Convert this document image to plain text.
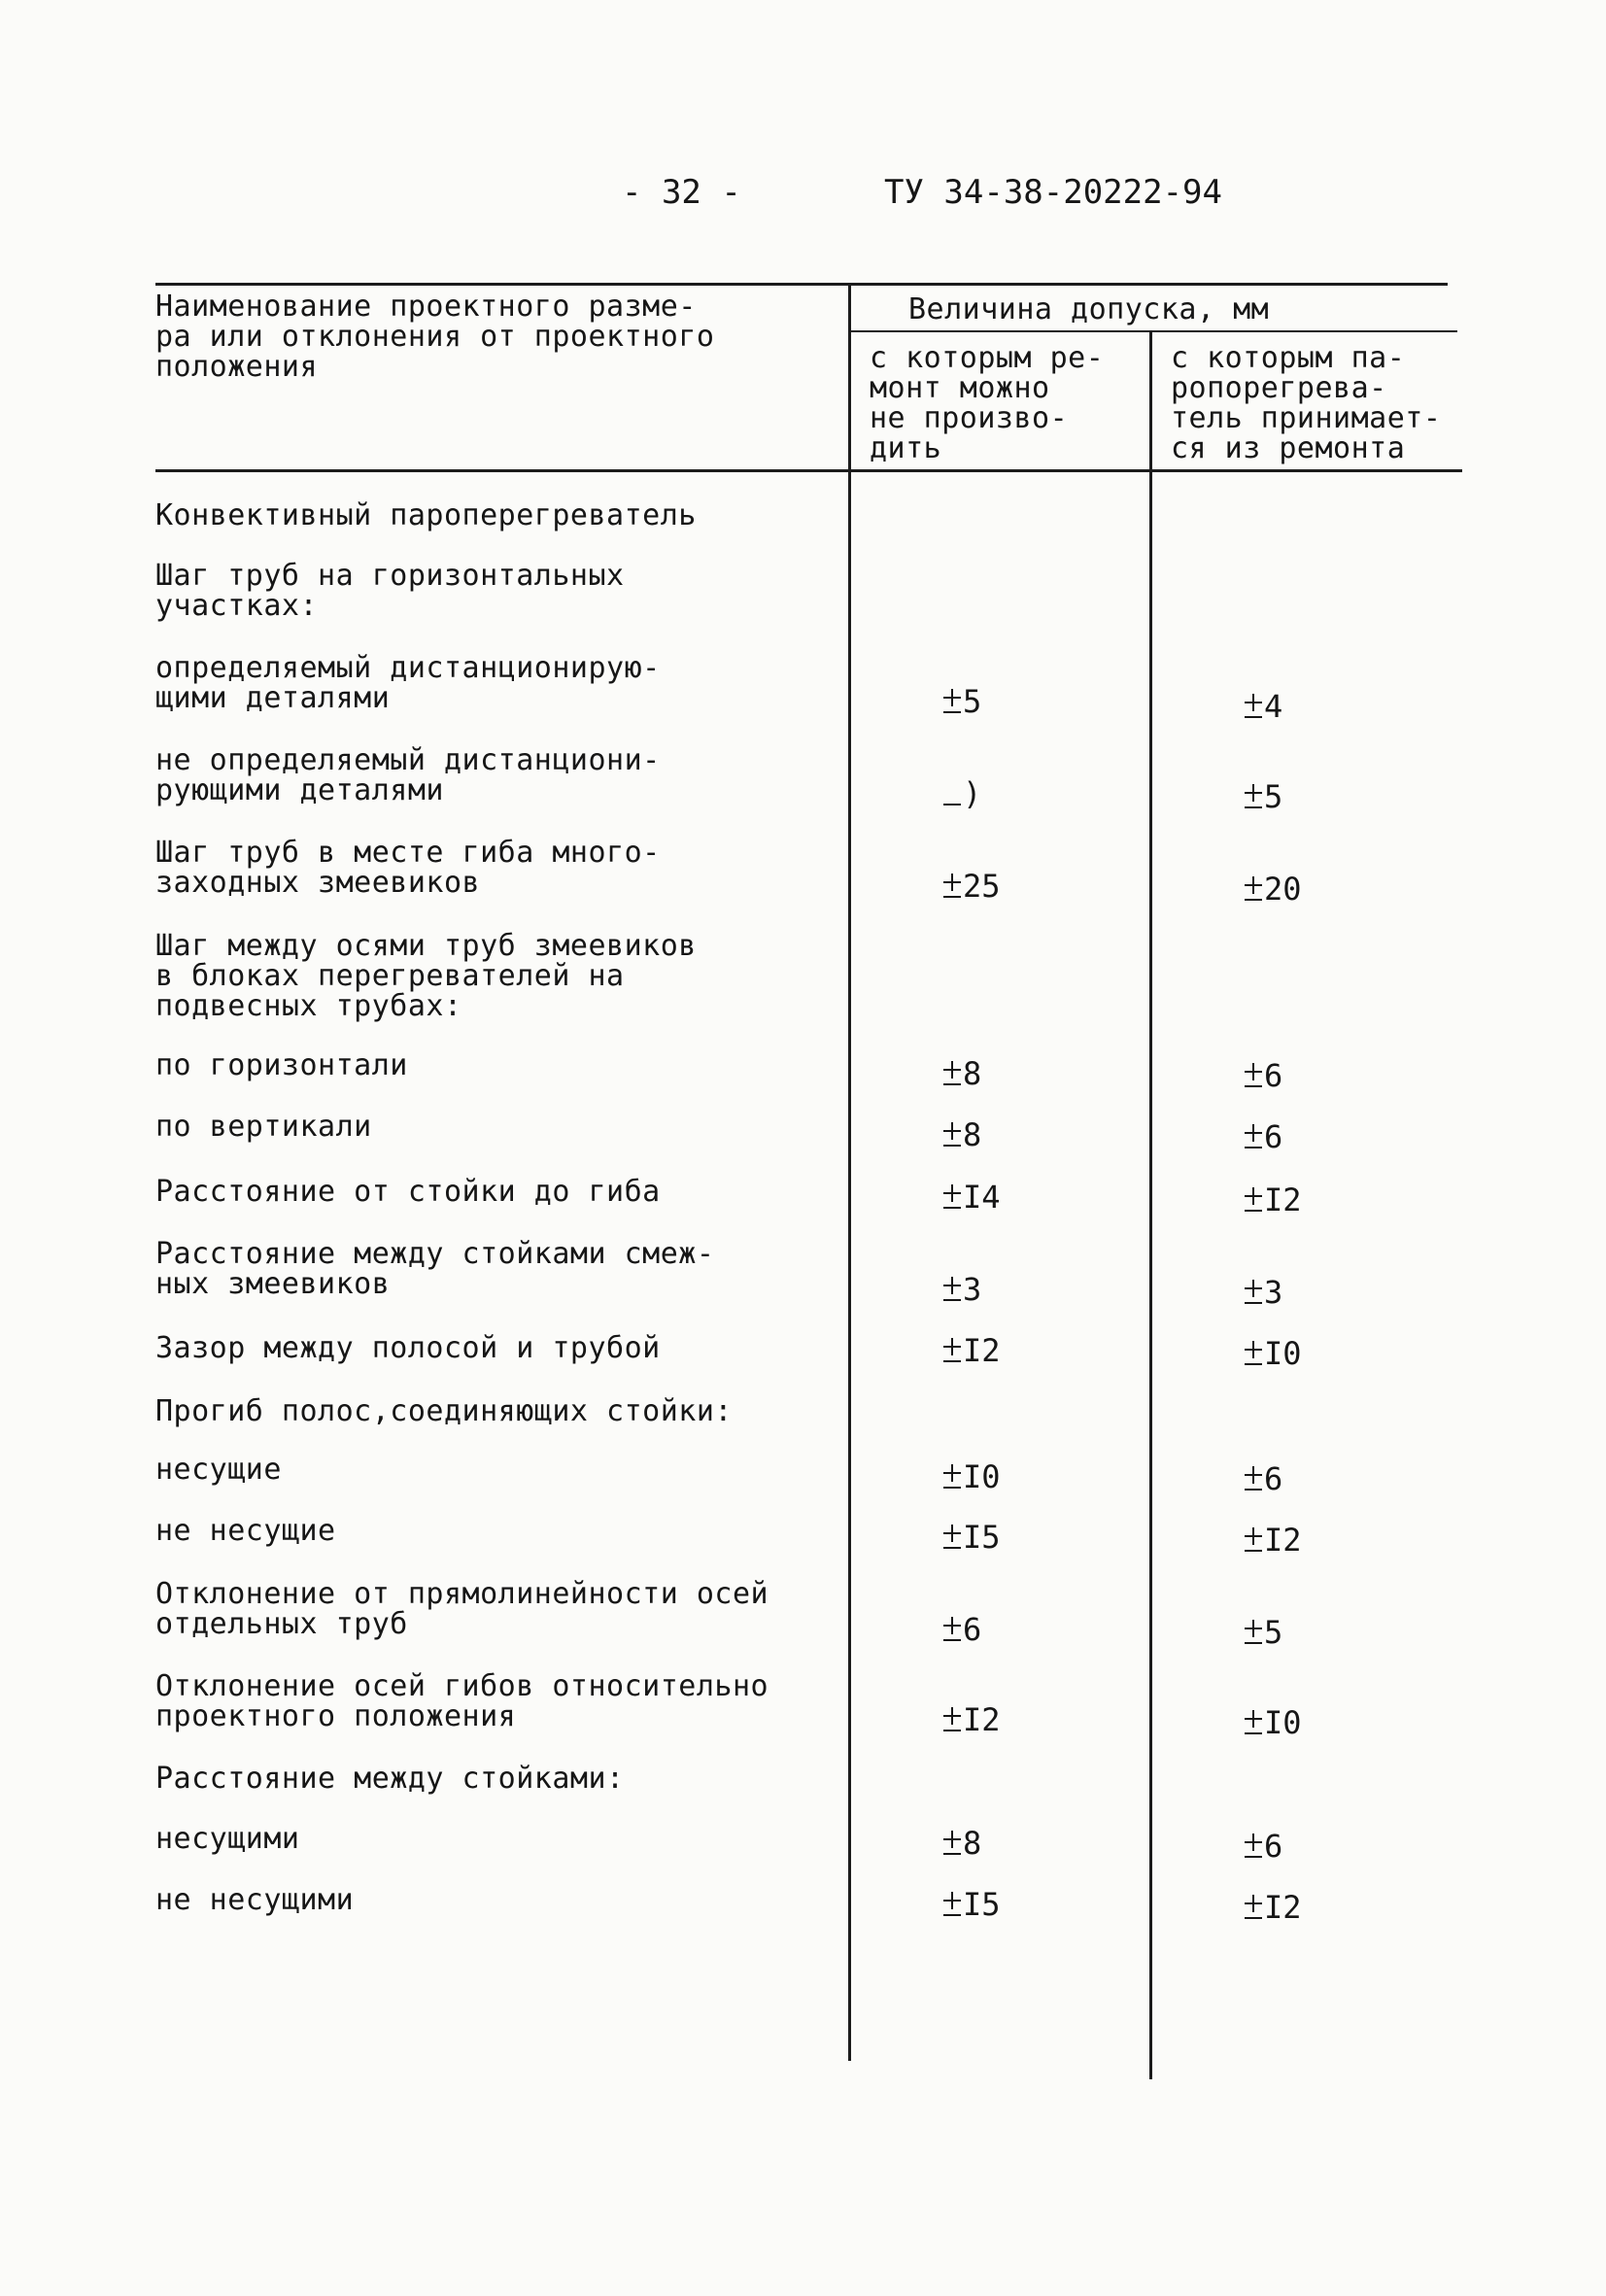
- 32 -	ТУ 34-38-20222-94
Наименование проектного разме-
ра или отклонения от проектного
положения
Величина допуска, мм
с которым ре-
монт можно
не произво-
дить
с которым па-
ропорегрева-
тель принимает-
ся из ремонта
Конвективный пароперегреватель
Шаг труб на горизонтальных
участках:
определяемый дистанционирую-
щими деталями	5	4
не определяемый дистанциони-
рующими деталями	)	5
Шаг труб в месте гиба много-
заходных змеевиков	25	20
Шаг между осями труб змеевиков
в блоках перегревателей на
подвесных трубах:
по горизонтали	8	6
по вертикали	8	6
Расстояние от стойки до гиба	I4	I2
Расстояние между стойками смеж-
ных змеевиков	3	3
Зазор между полосой и трубой	I2	I0
Прогиб полос,соединяющих стойки:
несущие	I0	6
не несущие	I5	I2
Отклонение от прямолинейности осей
отдельных труб	6	5
Отклонение осей гибов относительно
проектного положения	I2	I0
Расстояние между стойками:
несущими	8	6
не несущими	I5	I2
